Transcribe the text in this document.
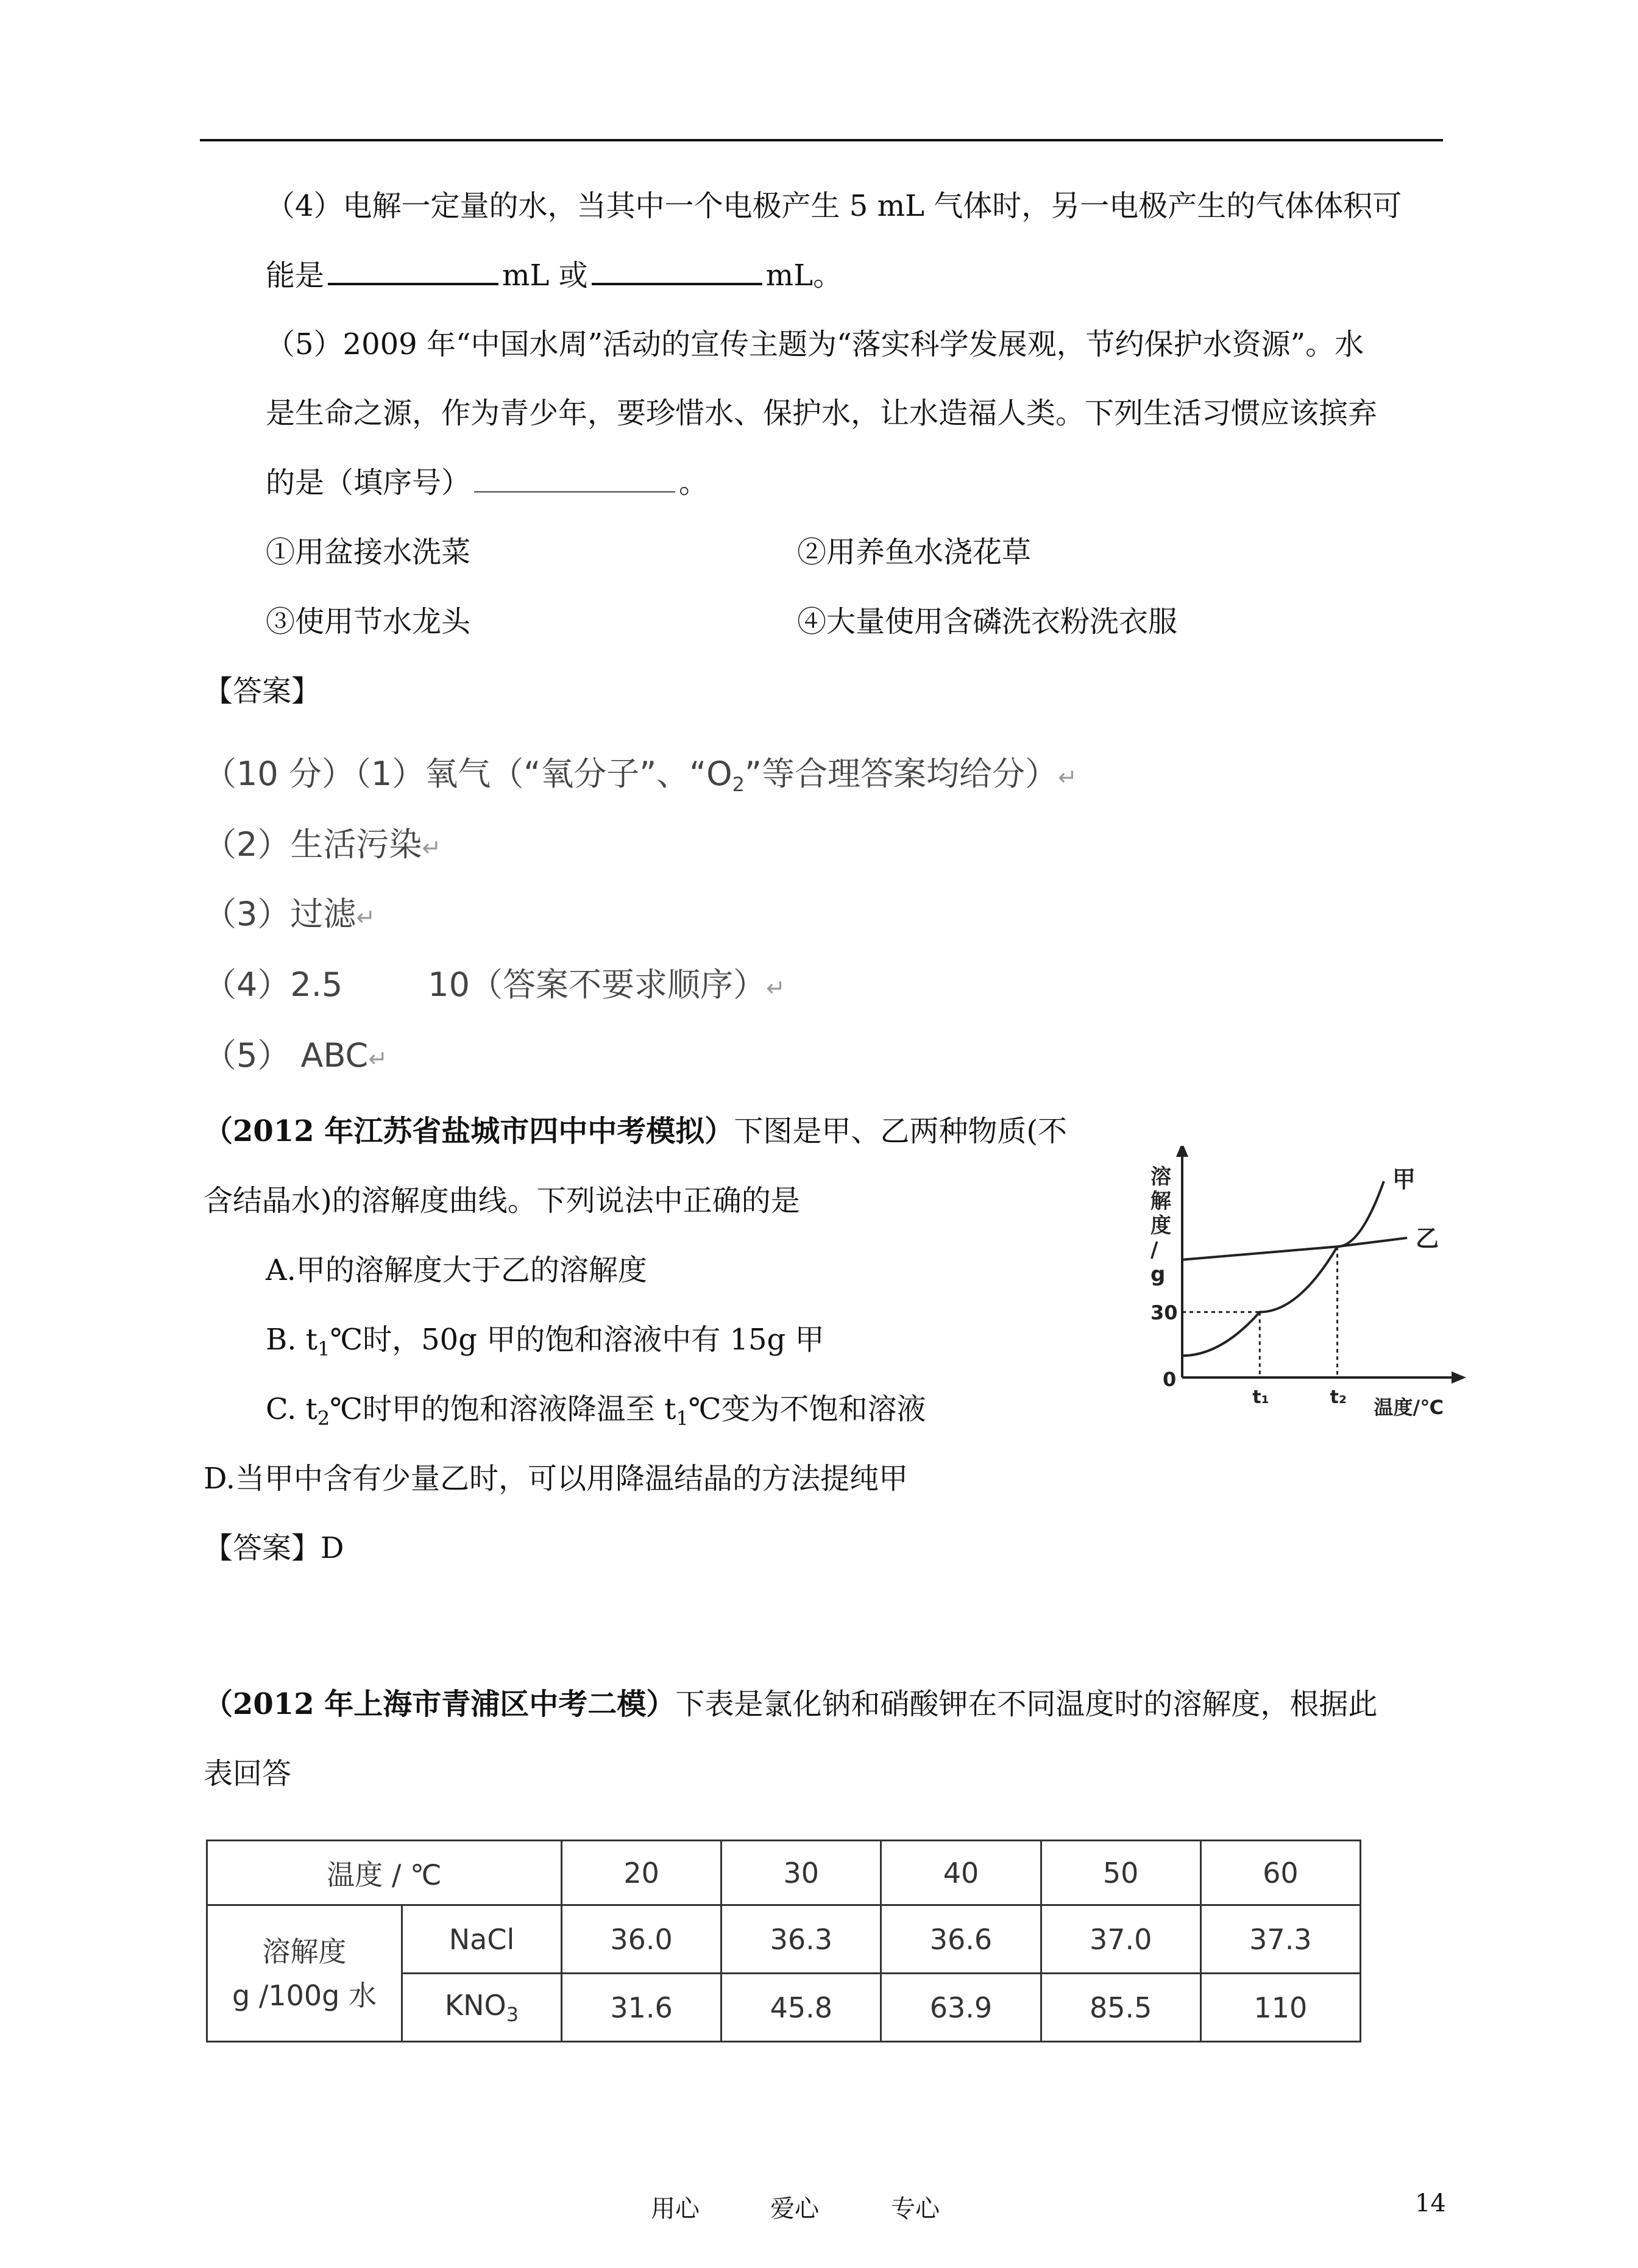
（4）电解一定量的水，当其中一个电极产生 5 mL 气体时，另一电极产生的气体体积可
能是	mL 或	mL。
（5）2009 年“中国水周”活动的宣传主题为“落实科学发展观，节约保护水资源”。水
是生命之源，作为青少年，要珍惜水、保护水，让水造福人类。下列生活习惯应该摈弃
的是（填序号）	。
①用盆接水洗菜	②用养鱼水浇花草
③使用节水龙头	④大量使用含磷洗衣粉洗衣服
【答案】
（10 分）（1）氧气（“氧分子”、“$O_2$”等合理答案均给分）↵
（2）生活污染↵
（3）过滤↵
（4）2.5	10（答案不要求顺序）↵
（5） ABC↵
（2012 年江苏省盐城市四中中考模拟）下图是甲、乙两种物质(不
含结晶水)的溶解度曲线。下列说法中正确的是
A.甲的溶解度大于乙的溶解度
B. $t_1℃$时，50g 甲的饱和溶液中有 15g 甲
C. $t_2℃$时甲的饱和溶液降温至 $t_1℃$变为不饱和溶液
D.当甲中含有少量乙时，可以用降温结晶的方法提纯甲
【答案】D
溶
解
度
/
g
0
30
t₁	t₂ 温度/℃
甲
乙
（2012 年上海市青浦区中考二模）下表是氯化钠和硝酸钾在不同温度时的溶解度，根据此
表回答
温度 / ℃		20	30	40	50	60

溶解度
g /100g 水	NaCl	36.0	36.3	36.6	37.0	37.3
	$KNO_3$	31.6	45.8	63.9	85.5	110
用心	爱心	专心	14
